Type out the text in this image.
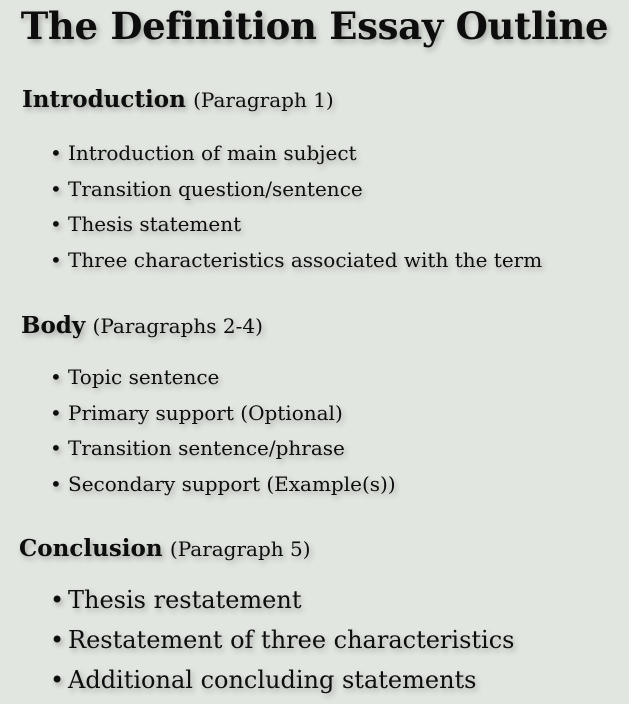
The Definition Essay Outline
Introduction (Paragraph 1)
• Introduction of main subject
• Transition question/sentence
• Thesis statement
• Three characteristics associated with the term
Body (Paragraphs 2-4)
• Topic sentence
• Primary support (Optional)
• Transition sentence/phrase
• Secondary support (Example(s))
Conclusion (Paragraph 5)
• Thesis restatement
• Restatement of three characteristics
• Additional concluding statements
